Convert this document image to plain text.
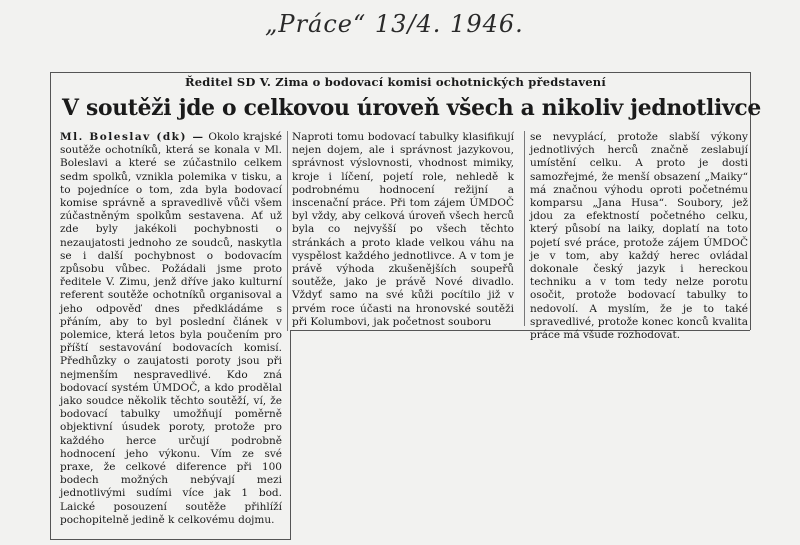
„Práce“ 13/4. 1946.
Ředitel SD V. Zima o bodovací komisi ochotnických představení
V soutěži jde o celkovou úroveň všech a nikoliv jednotlivce

Ml. Boleslav (dk) — Okolo krajské soutěže ochotníků, která se konala v Ml. Boleslavi a které se zúčastnilo celkem sedm spolků, vznikla polemika v tisku, a to pojedníce o tom, zda byla bodovací komise správně a spravedlivě vůči všem zúčastněným spolkům sestavena. Ať už zde byly jakékoli pochybnosti o nezaujatosti jednoho ze soudců, naskytla se i další pochybnost o bodovacím způsobu vůbec. Požádali jsme proto ředitele V. Zimu, jenž dříve jako kulturní referent soutěže ochotníků organisoval a jeho odpověď dnes předkládáme s přáním, aby to byl poslední článek v polemice, která letos byla poučením pro příští sestavování bodovacích komisí. Předhůzky o zaujatosti poroty jsou při nejmenším nespravedlivé. Kdo zná bodovací systém ÚMDOČ, a kdo prodělal jako soudce několik těchto soutěží, ví, že bodovací tabulky umožňují poměrně objektivní úsudek poroty, protože pro každého herce určují podrobně hodnocení jeho výkonu. Vím ze své praxe, že celkové diference při 100 bodech možných nebývají mezi jednotlivými sudími více jak 1 bod. Laické posouzení soutěže přihlíží pochopitelně jedině k celkovému dojmu.

Naproti tomu bodovací tabulky klasifikují nejen dojem, ale i správnost jazykovou, správnost výslovnosti, vhodnost mimiky, kroje i líčení, pojetí role, nehledě k podrobnému hodnocení režijní a inscenační práce. Při tom zájem ÚMDOČ byl vždy, aby celková úroveň všech herců byla co nejvyšší po všech těchto stránkách a proto klade velkou váhu na vyspělost každého jednotlivce. A v tom je právě výhoda zkušenějších soupeřů soutěže, jako je právě Nové divadlo. Vždyť samo na své kůži pocítilo již v prvém roce účasti na hronovské soutěži při Kolumbovi, jak početnost souboru

se nevyplácí, protože slabší výkony jednotlivých herců značně zeslabují umístění celku. A proto je dosti samozřejmé, že menší obsazení „Maiky“ má značnou výhodu oproti početnému komparsu „Jana Husa“. Soubory, jež jdou za efektností početného celku, který působí na laiky, doplatí na toto pojetí své práce, protože zájem ÚMDOČ je v tom, aby každý herec ovládal dokonale český jazyk i hereckou techniku a v tom tedy nelze porotu osočit, protože bodovací tabulky to nedovolí. A myslím, že je to také spravedlivé, protože konec konců kvalita práce má všude rozhodovat.
